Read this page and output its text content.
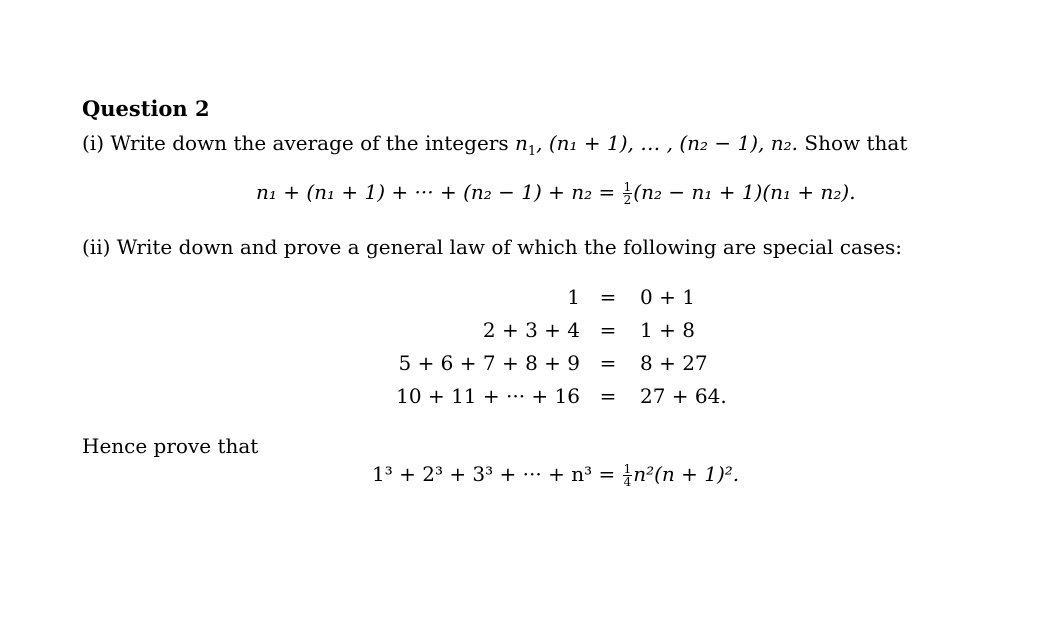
Question 2
(i) Write down the average of the integers $n_1$, (n₁ + 1), … , (n₂ − 1), n₂. Show that
n₁ + (n₁ + 1) + ··· + $(n_2 - 1) + n_2 = \frac{1}{2} (n_2 - n_1 + 1)(n_1 + n_2)$.
(ii) Write down and prove a general law of which the following are special cases:
1 = 0 + 1
2 + 3 + 4 = 1 + 8
5 + 6 + 7 + 8 + 9 = 8 + 27
10 + 11 + ··· + 16 = 27 + 64.
Hence prove that
1³ + 2³ + 3³ + ··· + $n^3 = \frac{1}{4} n^2(n + 1)^2$.
